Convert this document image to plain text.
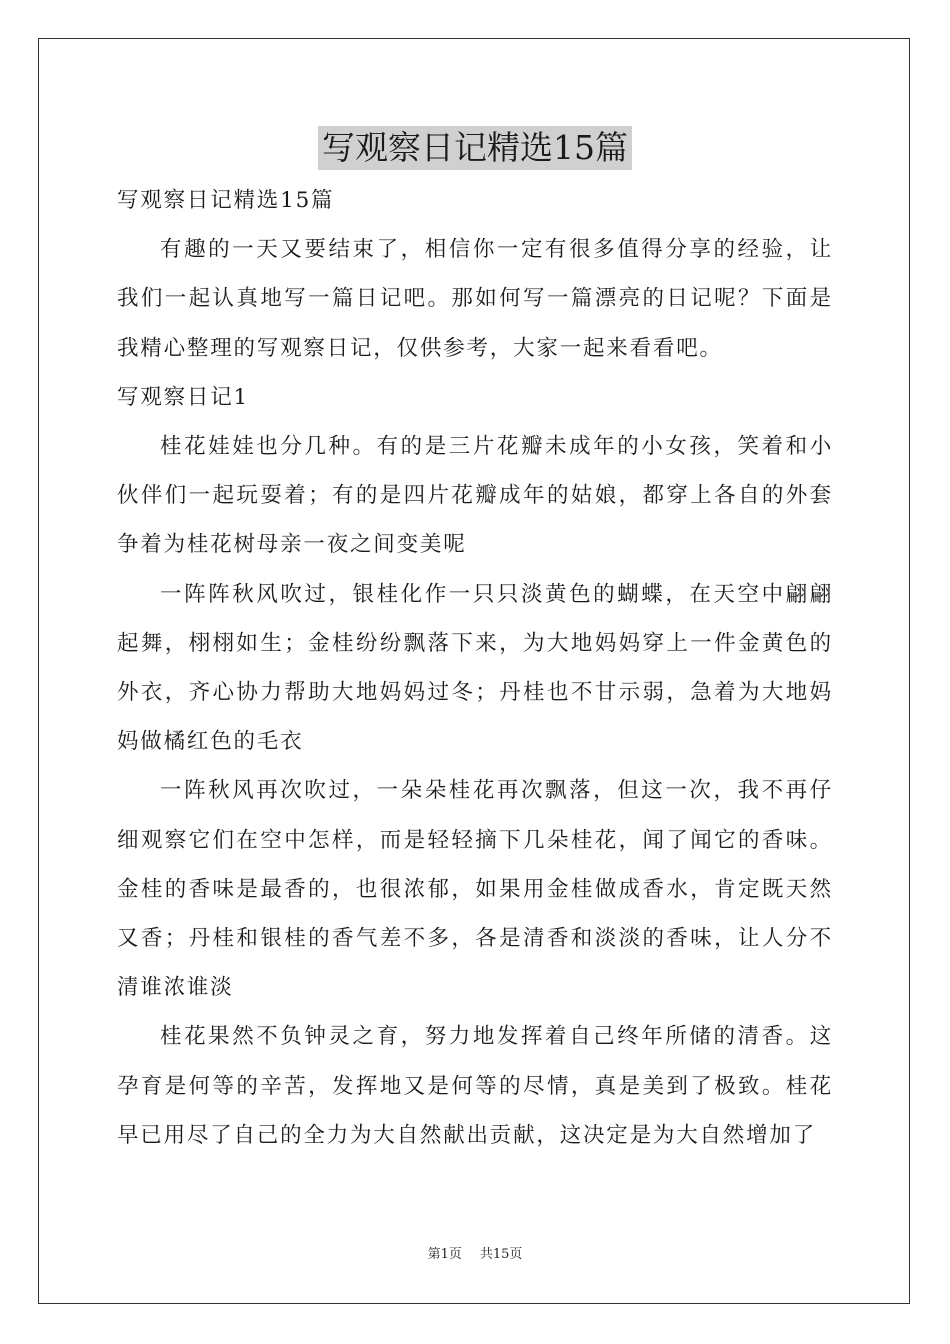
写观察日记精选15篇

写观察日记精选15篇

有趣的一天又要结束了，相信你一定有很多值得分享的经验，让我们一起认真地写一篇日记吧。那如何写一篇漂亮的日记呢？下面是我精心整理的写观察日记，仅供参考，大家一起来看看吧。

写观察日记1

桂花娃娃也分几种。有的是三片花瓣未成年的小女孩，笑着和小伙伴们一起玩耍着；有的是四片花瓣成年的姑娘，都穿上各自的外套争着为桂花树母亲一夜之间变美呢

一阵阵秋风吹过，银桂化作一只只淡黄色的蝴蝶，在天空中翩翩起舞，栩栩如生；金桂纷纷飘落下来，为大地妈妈穿上一件金黄色的外衣，齐心协力帮助大地妈妈过冬；丹桂也不甘示弱，急着为大地妈妈做橘红色的毛衣

一阵秋风再次吹过，一朵朵桂花再次飘落，但这一次，我不再仔细观察它们在空中怎样，而是轻轻摘下几朵桂花，闻了闻它的香味。金桂的香味是最香的，也很浓郁，如果用金桂做成香水，肯定既天然又香；丹桂和银桂的香气差不多，各是清香和淡淡的香味，让人分不清谁浓谁淡

桂花果然不负钟灵之育，努力地发挥着自己终年所储的清香。这孕育是何等的辛苦，发挥地又是何等的尽情，真是美到了极致。桂花早已用尽了自己的全力为大自然献出贡献，这决定是为大自然增加了

第1页 共15页
